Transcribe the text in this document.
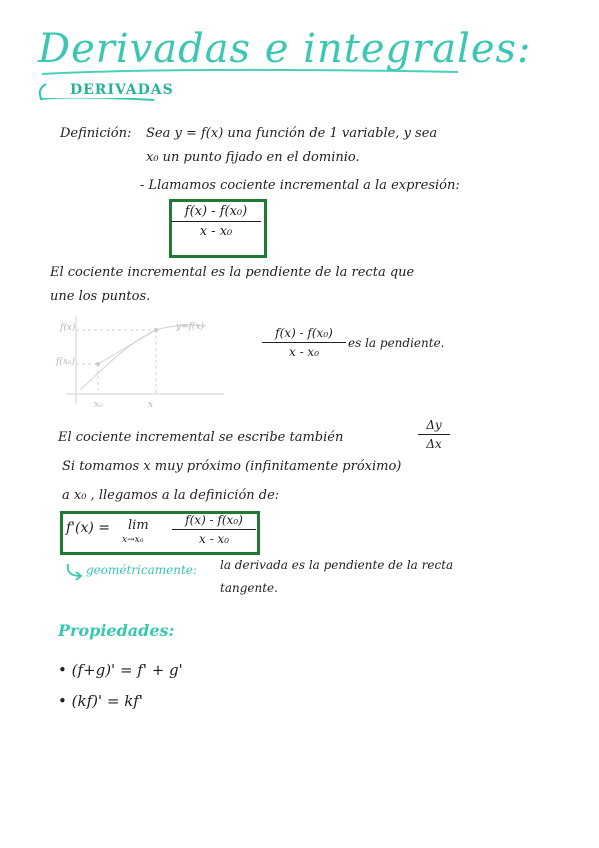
Derivadas e integrales:
DERIVADAS
Definición: Sea y = f(x) una función de 1 variable, y sea
x₀ un punto fijado en el dominio.
- Llamamos cociente incremental a la expresión:
f(x) - f(x₀)
x - x₀
El cociente incremental es la pendiente de la recta que
une los puntos.
f(x)
f(x₀)
x₀	x
y=f(x)	f(x) - f(x₀)
x - x₀
es la pendiente.
El cociente incremental se escribe también
Δy
Δx
Si tomamos x muy próximo (infinitamente próximo)
a x₀ , llegamos a la definición de:
f'(x) = lim
x→x₀
f(x) - f(x₀)
x - x₀
geométricamente: la derivada es la pendiente de la recta
tangente.
Propiedades:
• (f+g)' = f' + g'
• (kf)' = kf'
